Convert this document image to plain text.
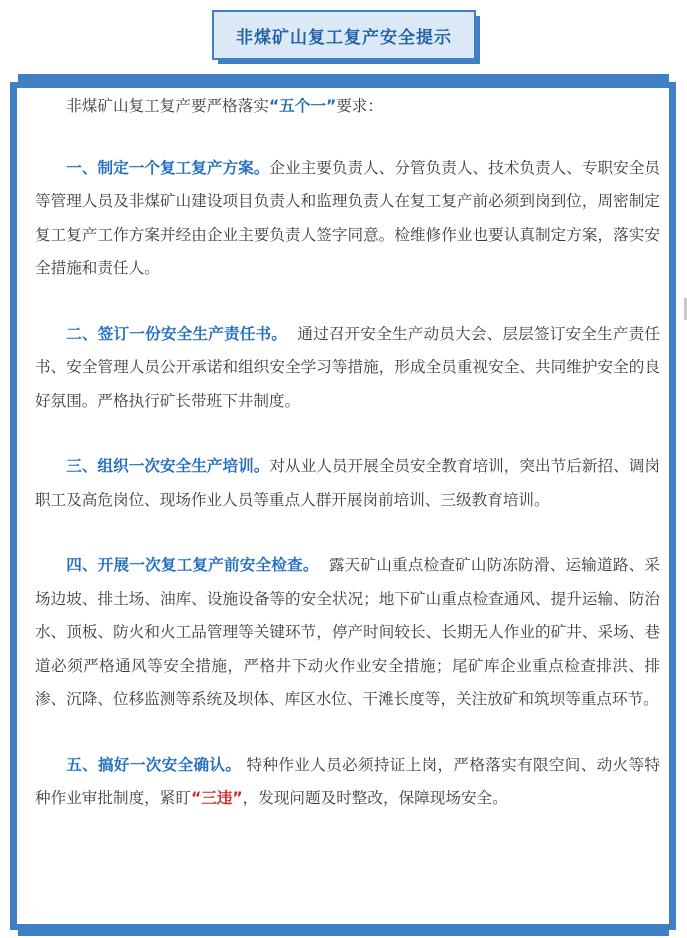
非煤矿山复工复产安全提示

非煤矿山复工复产要严格落实“五个一”要求：

一、制定一个复工复产方案。企业主要负责人、分管负责人、技术负责人、专职安全员等管理人员及非煤矿山建设项目负责人和监理负责人在复工复产前必须到岗到位，周密制定复工复产工作方案并经由企业主要负责人签字同意。检维修作业也要认真制定方案，落实安全措施和责任人。

二、签订一份安全生产责任书。 通过召开安全生产动员大会、层层签订安全生产责任书、安全管理人员公开承诺和组织安全学习等措施，形成全员重视安全、共同维护安全的良好氛围。严格执行矿长带班下井制度。

三、组织一次安全生产培训。对从业人员开展全员安全教育培训，突出节后新招、调岗职工及高危岗位、现场作业人员等重点人群开展岗前培训、三级教育培训。

四、开展一次复工复产前安全检查。 露天矿山重点检查矿山防冻防滑、运输道路、采场边坡、排土场、油库、设施设备等的安全状况；地下矿山重点检查通风、提升运输、防治水、顶板、防火和火工品管理等关键环节，停产时间较长、长期无人作业的矿井、采场、巷道必须严格通风等安全措施，严格井下动火作业安全措施；尾矿库企业重点检查排洪、排渗、沉降、位移监测等系统及坝体、库区水位、干滩长度等，关注放矿和筑坝等重点环节。

五、搞好一次安全确认。 特种作业人员必须持证上岗，严格落实有限空间、动火等特种作业审批制度，紧盯“三违”，发现问题及时整改，保障现场安全。
